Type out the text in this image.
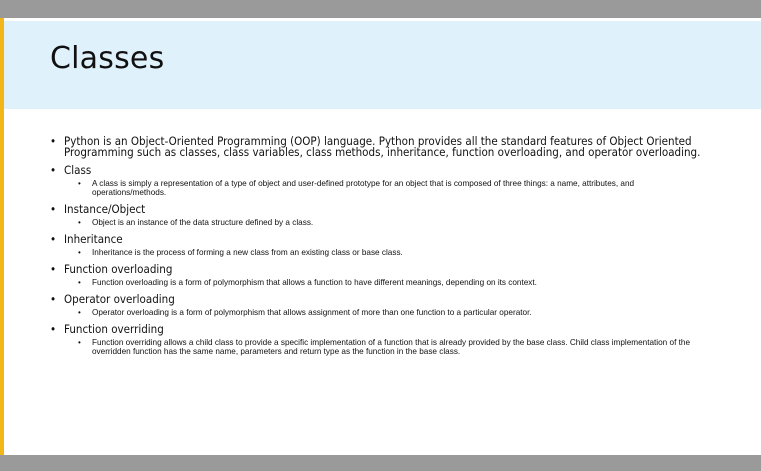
Classes
• Python is an Object-Oriented Programming (OOP) language. Python provides all the standard features of Object Oriented Programming such as classes, class variables, class methods, inheritance, function overloading, and operator overloading.
• Class
• A class is simply a representation of a type of object and user-defined prototype for an object that is composed of three things: a name, attributes, and operations/methods.
• Instance/Object
• Object is an instance of the data structure defined by a class.
• Inheritance
• Inheritance is the process of forming a new class from an existing class or base class.
• Function overloading
• Function overloading is a form of polymorphism that allows a function to have different meanings, depending on its context.
• Operator overloading
• Operator overloading is a form of polymorphism that allows assignment of more than one function to a particular operator.
• Function overriding
• Function overriding allows a child class to provide a specific implementation of a function that is already provided by the base class. Child class implementation of the overridden function has the same name, parameters and return type as the function in the base class.
